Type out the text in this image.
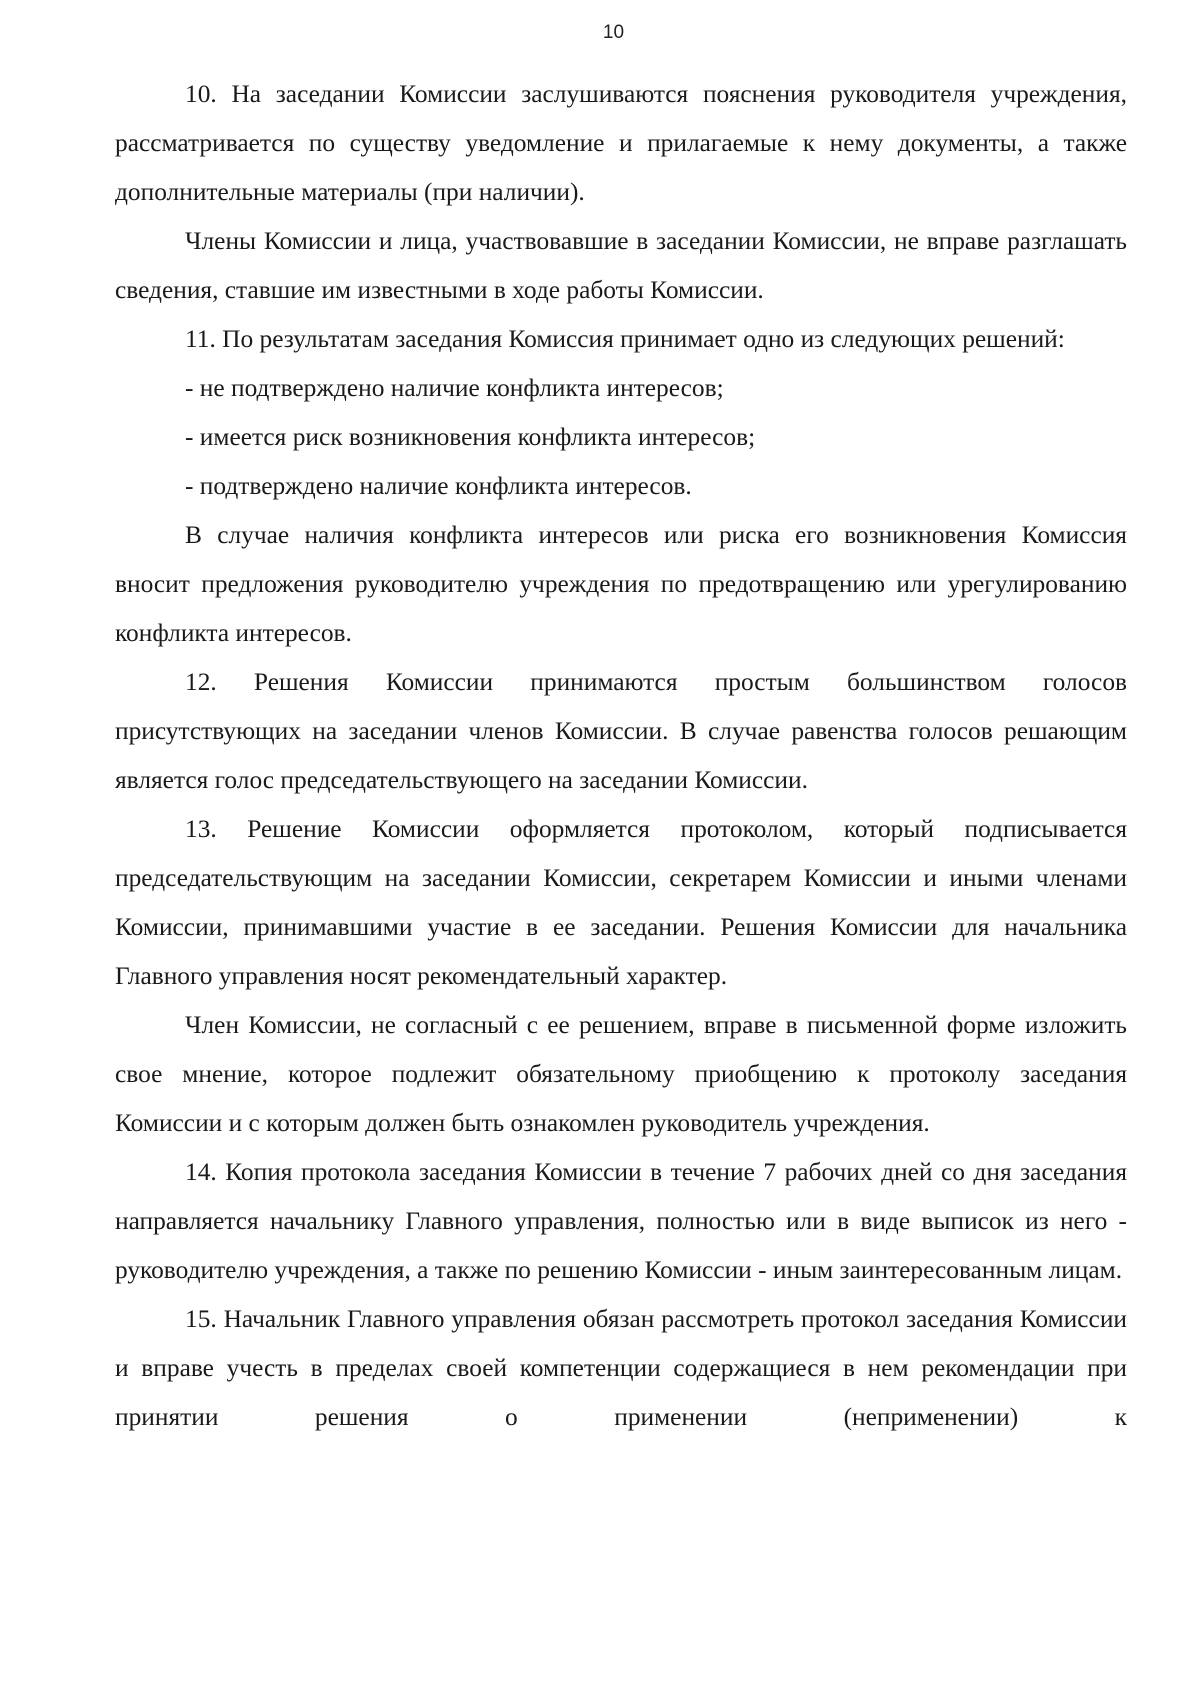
10

10. На заседании Комиссии заслушиваются пояснения руководителя учреждения, рассматривается по существу уведомление и прилагаемые к нему документы, а также дополнительные материалы (при наличии).

Члены Комиссии и лица, участвовавшие в заседании Комиссии, не вправе разглашать сведения, ставшие им известными в ходе работы Комиссии.

11. По результатам заседания Комиссия принимает одно из следующих решений:

- не подтверждено наличие конфликта интересов;

- имеется риск возникновения конфликта интересов;

- подтверждено наличие конфликта интересов.

В случае наличия конфликта интересов или риска его возникновения Комиссия вносит предложения руководителю учреждения по предотвращению или урегулированию конфликта интересов.

12. Решения Комиссии принимаются простым большинством голосов присутствующих на заседании членов Комиссии. В случае равенства голосов решающим является голос председательствующего на заседании Комиссии.

13. Решение Комиссии оформляется протоколом, который подписывается председательствующим на заседании Комиссии, секретарем Комиссии и иными членами Комиссии, принимавшими участие в ее заседании. Решения Комиссии для начальника Главного управления носят рекомендательный характер.

Член Комиссии, не согласный с ее решением, вправе в письменной форме изложить свое мнение, которое подлежит обязательному приобщению к протоколу заседания Комиссии и с которым должен быть ознакомлен руководитель учреждения.

14. Копия протокола заседания Комиссии в течение 7 рабочих дней со дня заседания направляется начальнику Главного управления, полностью или в виде выписок из него - руководителю учреждения, а также по решению Комиссии - иным заинтересованным лицам.

15. Начальник Главного управления обязан рассмотреть протокол заседания Комиссии и вправе учесть в пределах своей компетенции содержащиеся в нем рекомендации при принятии решения о применении (неприменении) к
